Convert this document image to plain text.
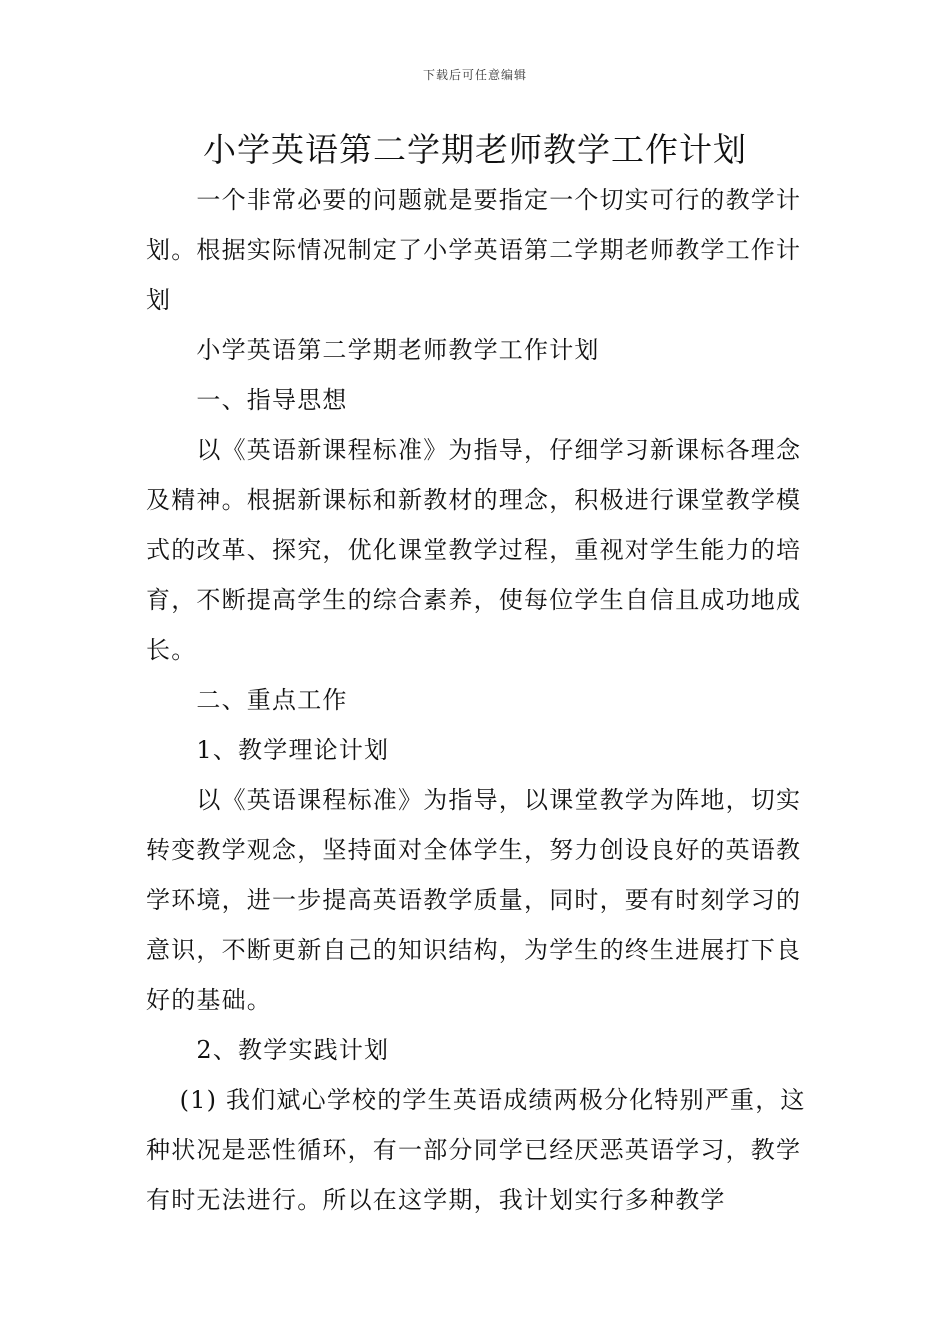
下载后可任意编辑
小学英语第二学期老师教学工作计划

一个非常必要的问题就是要指定一个切实可行的教学计划。根据实际情况制定了小学英语第二学期老师教学工作计划

小学英语第二学期老师教学工作计划

一、指导思想

以《英语新课程标准》为指导，仔细学习新课标各理念及精神。根据新课标和新教材的理念，积极进行课堂教学模式的改革、探究，优化课堂教学过程，重视对学生能力的培育，不断提高学生的综合素养，使每位学生自信且成功地成长。

二、重点工作

1、教学理论计划

以《英语课程标准》为指导，以课堂教学为阵地，切实转变教学观念，坚持面对全体学生，努力创设良好的英语教学环境，进一步提高英语教学质量，同时，要有时刻学习的意识，不断更新自己的知识结构，为学生的终生进展打下良好的基础。

2、教学实践计划

(1) 我们斌心学校的学生英语成绩两极分化特别严重，这种状况是恶性循环，有一部分同学已经厌恶英语学习，教学有时无法进行。所以在这学期，我计划实行多种教学
